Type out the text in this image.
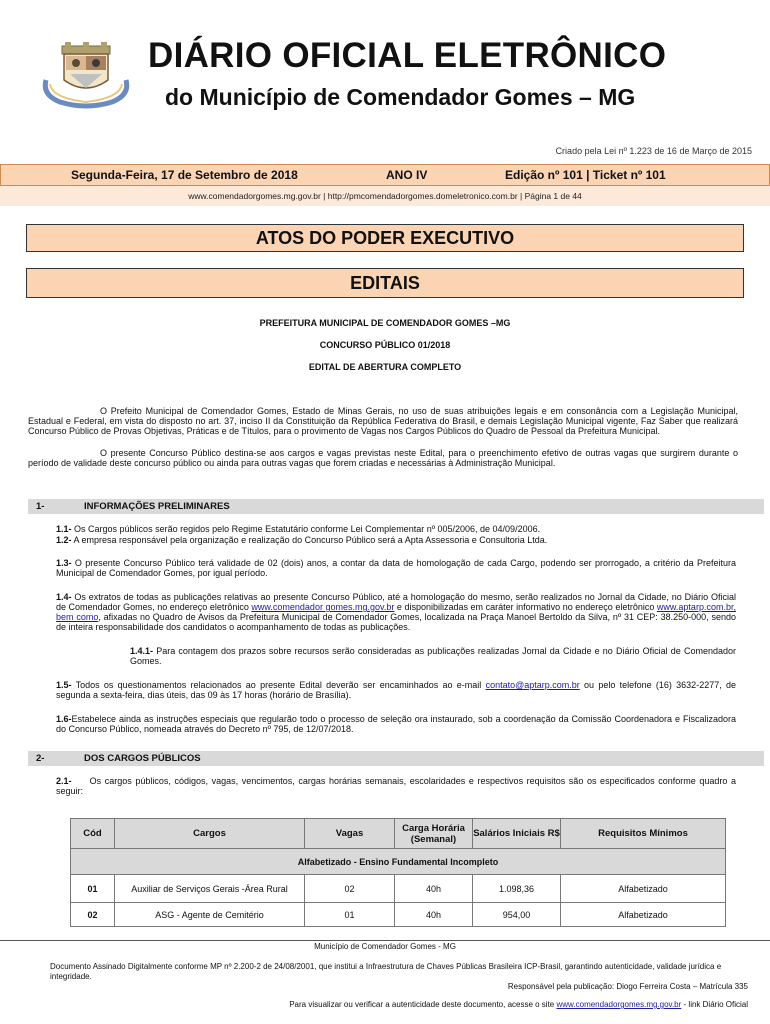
DIÁRIO OFICIAL ELETRÔNICO
do Município de Comendador Gomes – MG
Criado pela Lei nº 1.223 de 16 de Março de 2015
Segunda-Feira, 17 de Setembro de 2018	ANO IV	Edição nº 101 | Ticket nº 101
www.comendadorgomes.mg.gov.br | http://pmcomendadorgomes.domeletronico.com.br | Página 1 de 44
ATOS DO PODER EXECUTIVO
EDITAIS
PREFEITURA MUNICIPAL DE COMENDADOR GOMES –MG
CONCURSO PÚBLICO 01/2018
EDITAL DE ABERTURA COMPLETO
O Prefeito Municipal de Comendador Gomes, Estado de Minas Gerais, no uso de suas atribuições legais e em consonância com a Legislação Municipal, Estadual e Federal, em vista do disposto no art. 37, inciso II da Constituição da República Federativa do Brasil, e demais Legislação Municipal vigente, Faz Saber que realizará Concurso Público de Provas Objetivas, Práticas e de Títulos, para o provimento de Vagas nos Cargos Públicos do Quadro de Pessoal da Prefeitura Municipal.
O presente Concurso Público destina-se aos cargos e vagas previstas neste Edital, para o preenchimento efetivo de outras vagas que surgirem durante o período de validade deste concurso público ou ainda para outras vagas que forem criadas e necessárias à Administração Municipal.
1-	INFORMAÇÕES PRELIMINARES
1.1- Os Cargos públicos serão regidos pelo Regime Estatutário conforme Lei Complementar nº 005/2006, de 04/09/2006.
1.2- A empresa responsável pela organização e realização do Concurso Público será a Apta Assessoria e Consultoria Ltda.
1.3- O presente Concurso Público terá validade de 02 (dois) anos, a contar da data de homologação de cada Cargo, podendo ser prorrogado, a critério da Prefeitura Municipal de Comendador Gomes, por igual período.
1.4- Os extratos de todas as publicações relativas ao presente Concurso Público, até a homologação do mesmo, serão realizados no Jornal da Cidade, no Diário Oficial de Comendador Gomes, no endereço eletrônico www.comendador gomes.mg.gov.br e disponibilizadas em caráter informativo no endereço eletrônico www.aptarp.com.br, bem como, afixadas no Quadro de Avisos da Prefeitura Municipal de Comendador Gomes, localizada na Praça Manoel Bertoldo da Silva, nº 31 CEP: 38.250-000, sendo de inteira responsabilidade dos candidatos o acompanhamento de todas as publicações.
1.4.1- Para contagem dos prazos sobre recursos serão consideradas as publicações realizadas Jornal da Cidade e no Diário Oficial de Comendador Gomes.
1.5- Todos os questionamentos relacionados ao presente Edital deverão ser encaminhados ao e-mail contato@aptarp.com.br ou pelo telefone (16) 3632-2277, de segunda a sexta-feira, dias úteis, das 09 às 17 horas (horário de Brasília).
1.6-Estabelece ainda as instruções especiais que regularão todo o processo de seleção ora instaurado, sob a coordenação da Comissão Coordenadora e Fiscalizadora do Concurso Público, nomeada através do Decreto nº 795, de 12/07/2018.
2-	DOS CARGOS PÚBLICOS
2.1- Os cargos públicos, códigos, vagas, vencimentos, cargas horárias semanais, escolaridades e respectivos requisitos são os especificados conforme quadro a seguir:
Cód	Cargos	Vagas	Carga Horária (Semanal)	Salários Iniciais R$	Requisitos Mínimos
Alfabetizado - Ensino Fundamental Incompleto					
01	Auxiliar de Serviços Gerais -Área Rural	02	40h	1.098,36	Alfabetizado
02	ASG - Agente de Cemitério	01	40h	954,00	Alfabetizado
Município de Comendador Gomes - MG
Documento Assinado Digitalmente conforme MP nº 2.200-2 de 24/08/2001, que institui a Infraestrutura de Chaves Públicas Brasileira ICP-Brasil, garantindo autenticidade, validade jurídica e integridade.
Responsável pela publicação: Diogo Ferreira Costa – Matrícula 335
Para visualizar ou verificar a autenticidade deste documento, acesse o site www.comendadorgomes.mg.gov.br - link Diário Oficial
